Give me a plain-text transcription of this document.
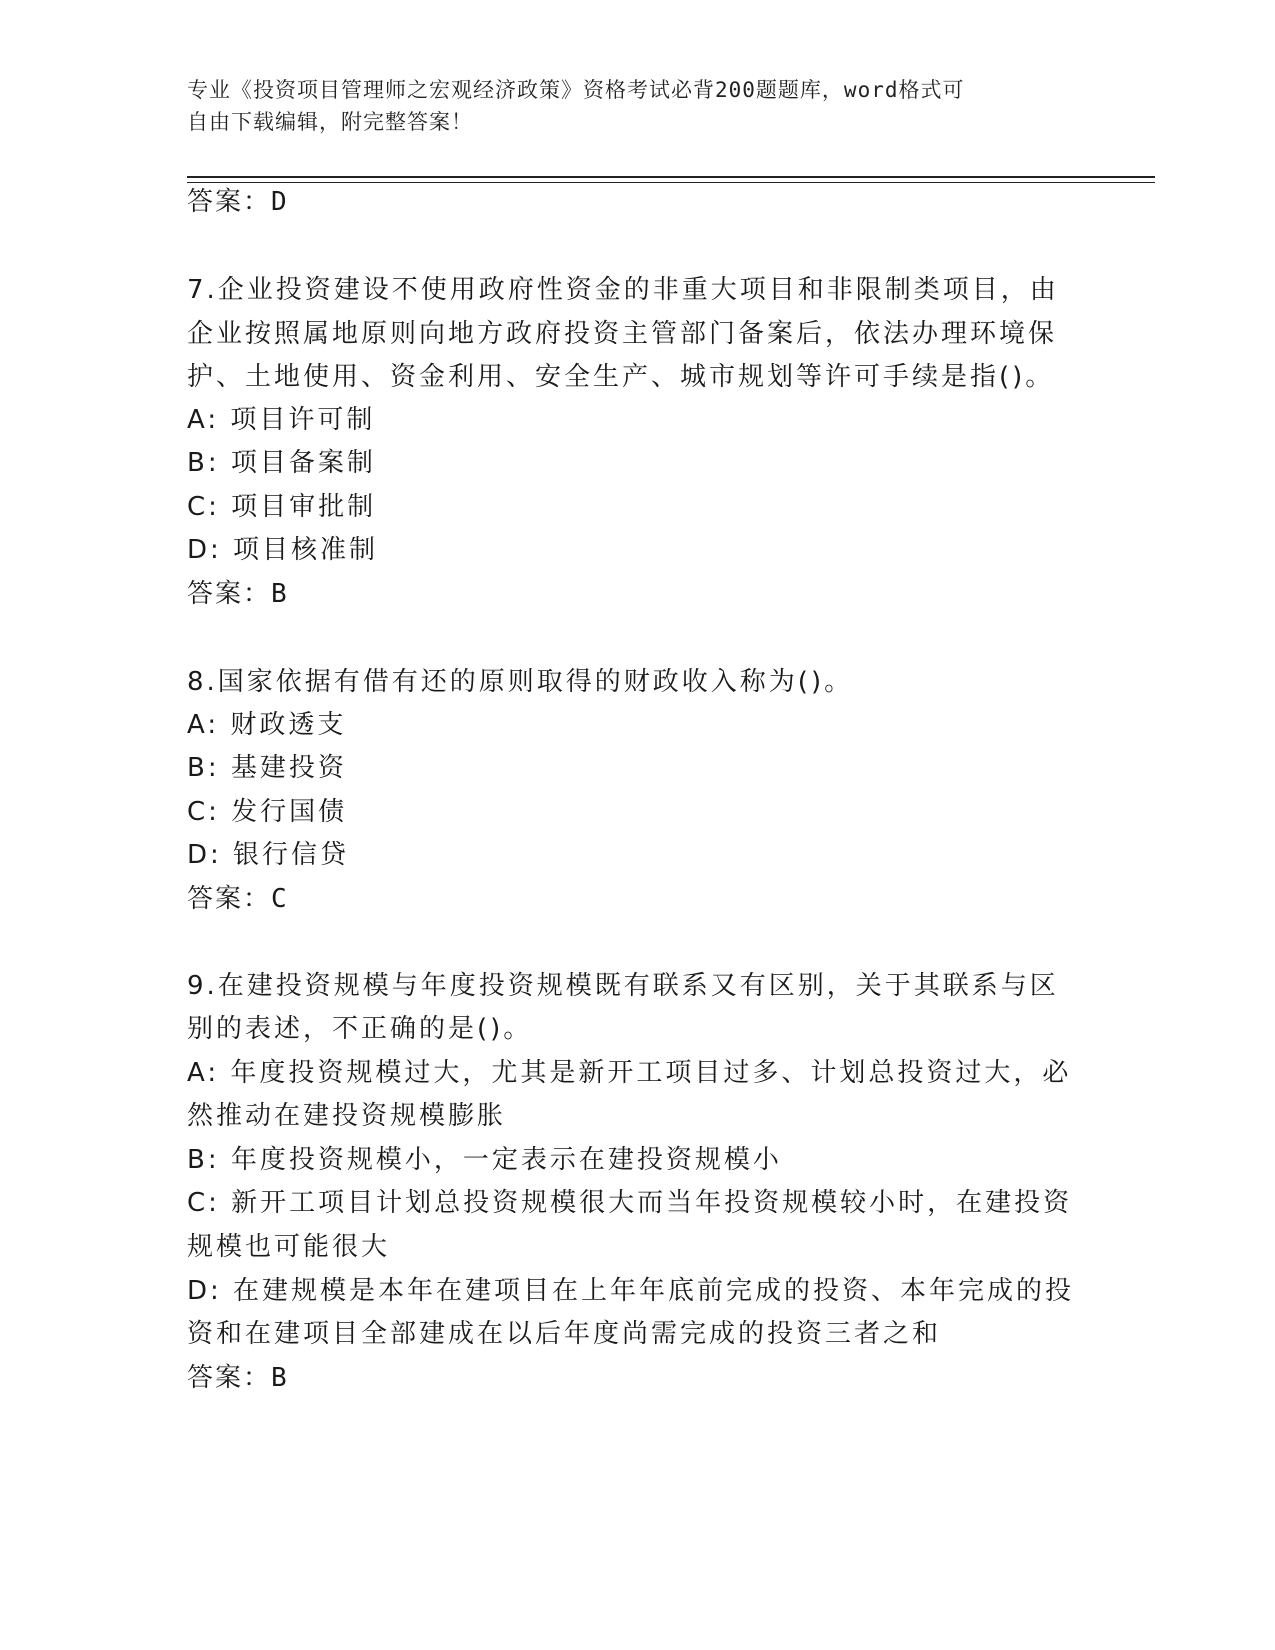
专业《投资项目管理师之宏观经济政策》资格考试必背200题题库，word格式可
自由下载编辑，附完整答案！
答案：D
7.企业投资建设不使用政府性资金的非重大项目和非限制类项目，由
企业按照属地原则向地方政府投资主管部门备案后，依法办理环境保
护、土地使用、资金利用、安全生产、城市规划等许可手续是指()。
A: 项目许可制
B: 项目备案制
C: 项目审批制
D: 项目核准制
答案：B
8.国家依据有借有还的原则取得的财政收入称为()。
A: 财政透支
B: 基建投资
C: 发行国债
D: 银行信贷
答案：C
9.在建投资规模与年度投资规模既有联系又有区别，关于其联系与区
别的表述，不正确的是()。
A: 年度投资规模过大，尤其是新开工项目过多、计划总投资过大，必
然推动在建投资规模膨胀
B: 年度投资规模小，一定表示在建投资规模小
C: 新开工项目计划总投资规模很大而当年投资规模较小时，在建投资
规模也可能很大
D: 在建规模是本年在建项目在上年年底前完成的投资、本年完成的投
资和在建项目全部建成在以后年度尚需完成的投资三者之和
答案：B
